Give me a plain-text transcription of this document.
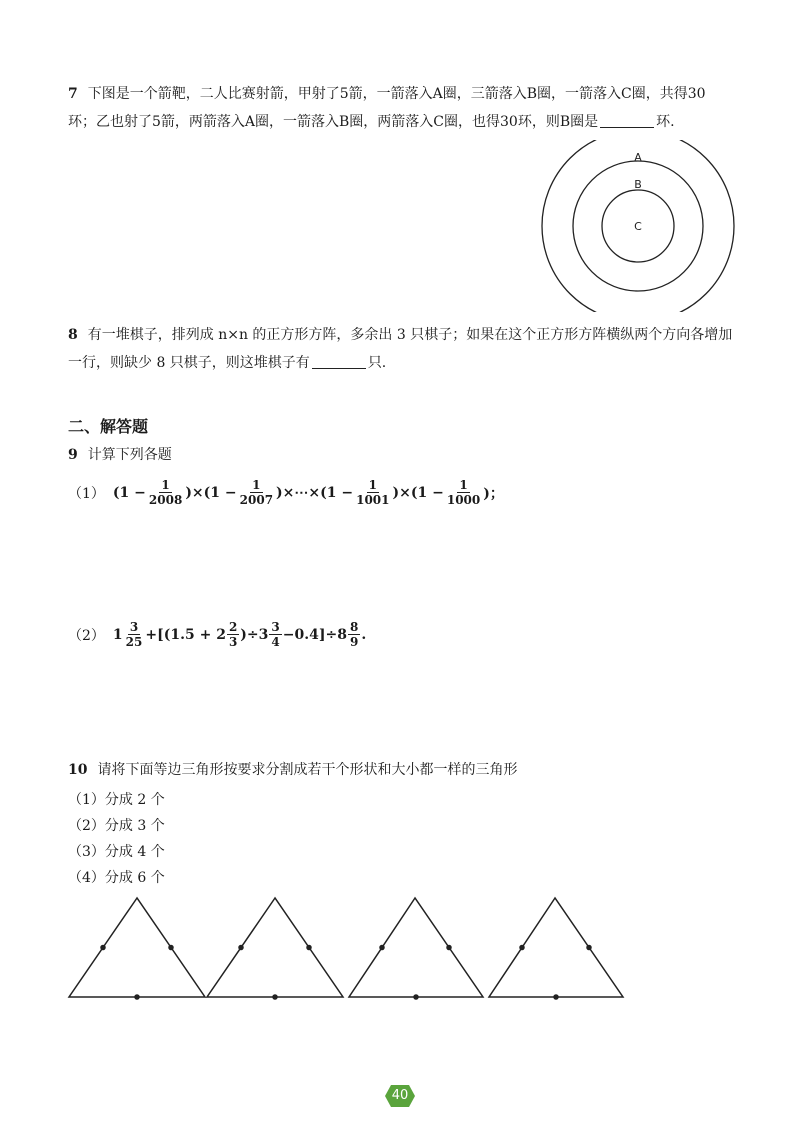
7 下图是一个箭靶，二人比赛射箭，甲射了5箭，一箭落入A圈，三箭落入B圈，一箭落入C圈，共得30
环；乙也射了5箭，两箭落入A圈，一箭落入B圈，两箭落入C圈，也得30环，则B圈是	环.
A
B
C
8 有一堆棋子，排列成 n×n 的正方形方阵，多余出 3 只棋子；如果在这个正方形方阵横纵两个方向各增加
一行，则缺少 8 只棋子，则这堆棋子有	只.
二、解答题
9 计算下列各题
（1） $(1 - \frac{1}{2008} )\times(1 - \frac{1}{2007}$ )×⋯×(1 − $\frac{1}{1001} )\times(1 - \frac{1}{1000}$ )；
（2） $1 \frac{3}{25} +[(1.5 + 2 \frac{2}{3} )\div 3 \frac{3}{4} -0.4]\div 8 \frac{8}{9}$ .
10 请将下面等边三角形按要求分割成若干个形状和大小都一样的三角形
（1）分成 2 个
（2）分成 3 个
（3）分成 4 个
（4）分成 6 个
40
